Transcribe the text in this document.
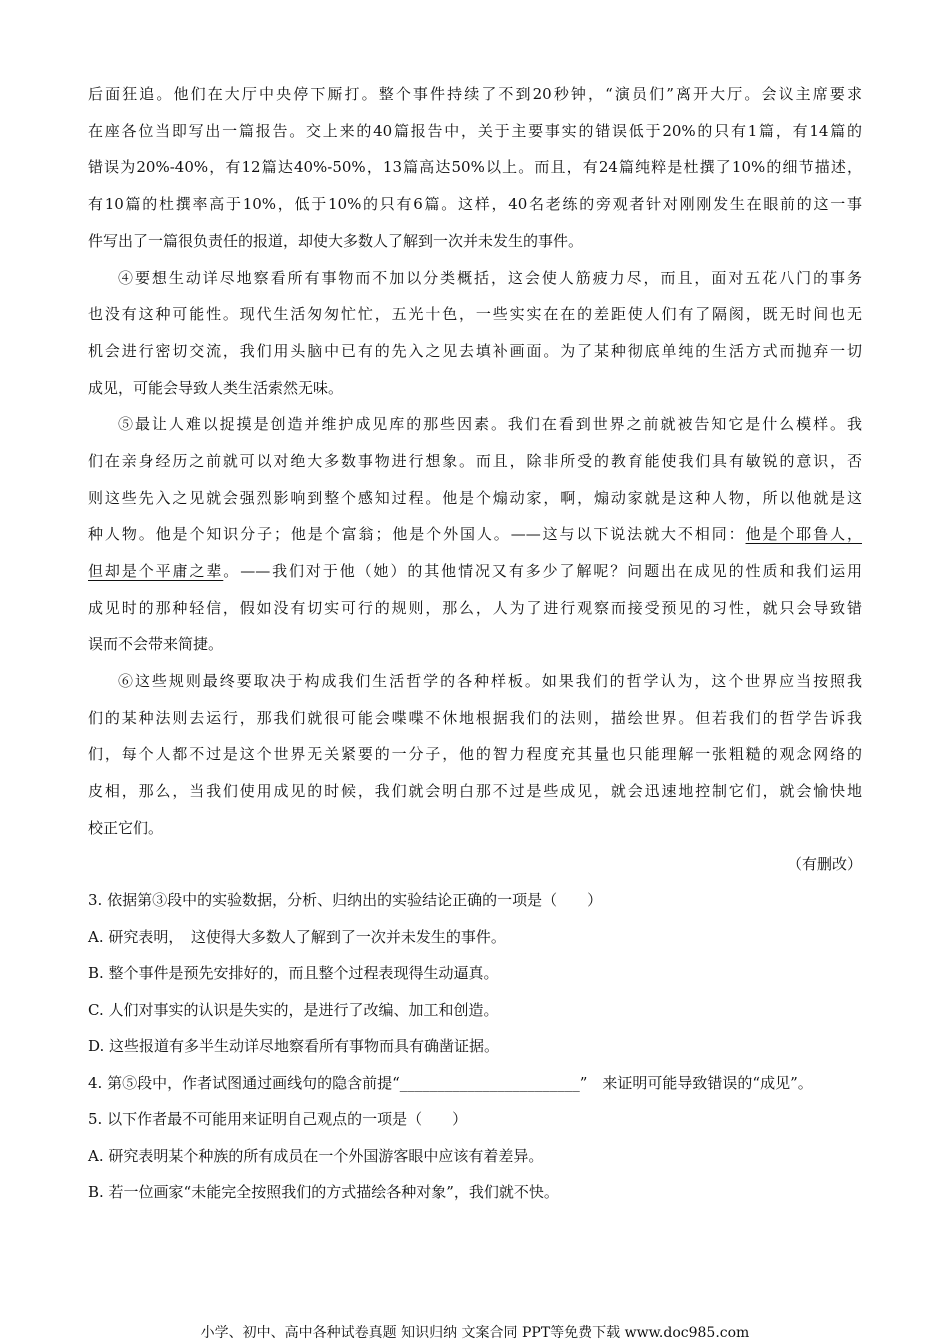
后面狂追。他们在大厅中央停下厮打。整个事件持续了不到20秒钟，“演员们”离开大厅。会议主席要求
在座各位当即写出一篇报告。交上来的40篇报告中，关于主要事实的错误低于20%的只有1篇，有14篇的
错误为20%-40%，有12篇达40%-50%，13篇高达50%以上。而且，有24篇纯粹是杜撰了10%的细节描述，
有10篇的杜撰率高于10%，低于10%的只有6篇。这样，40名老练的旁观者针对刚刚发生在眼前的这一事
件写出了一篇很负责任的报道，却使大多数人了解到一次并未发生的事件。
④要想生动详尽地察看所有事物而不加以分类概括，这会使人筋疲力尽，而且，面对五花八门的事务
也没有这种可能性。现代生活匆匆忙忙，五光十色，一些实实在在的差距使人们有了隔阂，既无时间也无
机会进行密切交流，我们用头脑中已有的先入之见去填补画面。为了某种彻底单纯的生活方式而抛弃一切
成见，可能会导致人类生活索然无味。
⑤最让人难以捉摸是创造并维护成见库的那些因素。我们在看到世界之前就被告知它是什么模样。我
们在亲身经历之前就可以对绝大多数事物进行想象。而且，除非所受的教育能使我们具有敏锐的意识，否
则这些先入之见就会强烈影响到整个感知过程。他是个煽动家，啊，煽动家就是这种人物，所以他就是这
种人物。他是个知识分子；他是个富翁；他是个外国人。——这与以下说法就大不相同：他是个耶鲁人，
但却是个平庸之辈。——我们对于他（她）的其他情况又有多少了解呢？问题出在成见的性质和我们运用
成见时的那种轻信，假如没有切实可行的规则，那么，人为了进行观察而接受预见的习性，就只会导致错
误而不会带来简捷。
⑥这些规则最终要取决于构成我们生活哲学的各种样板。如果我们的哲学认为，这个世界应当按照我
们的某种法则去运行，那我们就很可能会喋喋不休地根据我们的法则，描绘世界。但若我们的哲学告诉我
们，每个人都不过是这个世界无关紧要的一分子，他的智力程度充其量也只能理解一张粗糙的观念网络的
皮相，那么，当我们使用成见的时候，我们就会明白那不过是些成见，就会迅速地控制它们，就会愉快地
校正它们。
（有删改）
3. 依据第③段中的实验数据，分析、归纳出的实验结论正确的一项是（　　）
A. 研究表明，　这使得大多数人了解到了一次并未发生的事件。
B. 整个事件是预先安排好的，而且整个过程表现得生动逼真。
C. 人们对事实的认识是失实的，是进行了改编、加工和创造。
D. 这些报道有多半生动详尽地察看所有事物而具有确凿证据。
4. 第⑤段中，作者试图通过画线句的隐含前提“________________________”　来证明可能导致错误的“成见”。
5. 以下作者最不可能用来证明自己观点的一项是（　　）
A. 研究表明某个种族的所有成员在一个外国游客眼中应该有着差异。
B. 若一位画家“未能完全按照我们的方式描绘各种对象”，我们就不快。
小学、初中、高中各种试卷真题 知识归纳 文案合同 PPT等免费下载 www.doc985.com
